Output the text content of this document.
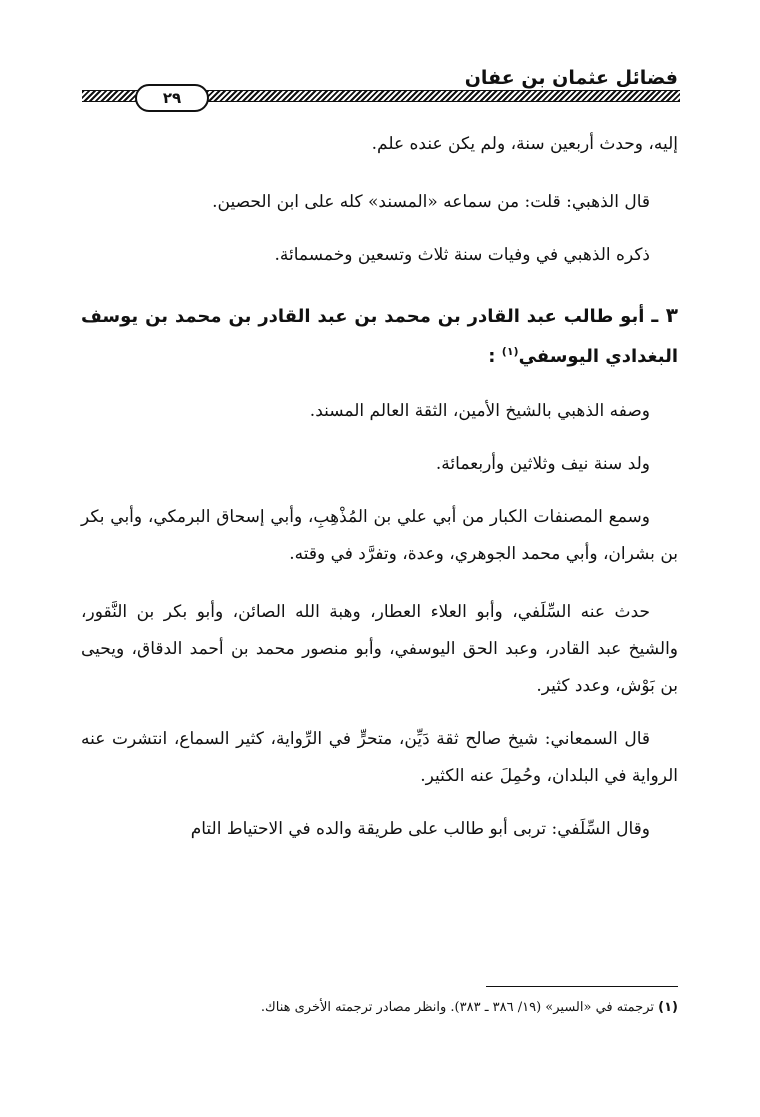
فضائل عثمان بن عفان
٢٩

إليه، وحدث أربعين سنة، ولم يكن عنده علم.

قال الذهبي: قلت: من سماعه «المسند» كله على ابن الحصين.

ذكره الذهبي في وفيات سنة ثلاث وتسعين وخمسمائة.

٣ ـ أبو طالب عبد القادر بن محمد بن عبد القادر بن محمد بن يوسف البغدادي اليوسفي$^{(١)}$ :

وصفه الذهبي بالشيخ الأمين، الثقة العالم المسند.

ولد سنة نيف وثلاثين وأربعمائة.

وسمع المصنفات الكبار من أبي علي بن المُذْهِبِ، وأبي إسحاق البرمكي، وأبي بكر بن بشران، وأبي محمد الجوهري، وعدة، وتفرَّد في وقته.

حدث عنه السِّلَفي، وأبو العلاء العطار، وهبة الله الصائن، وأبو بكر بن النَّقور، والشيخ عبد القادر، وعبد الحق اليوسفي، وأبو منصور محمد بن أحمد الدقاق، ويحيى بن بَوْش، وعدد كثير.

قال السمعاني: شيخ صالح ثقة دَيِّن، متحرٍّ في الرِّواية، كثير السماع، انتشرت عنه الرواية في البلدان، وحُمِلَ عنه الكثير.

وقال السِّلَفي: تربى أبو طالب على طريقة والده في الاحتياط التام

(١) ترجمته في «السير» (١٩/ ٣٨٦ ـ ٣٨٣). وانظر مصادر ترجمته الأخرى هناك.
